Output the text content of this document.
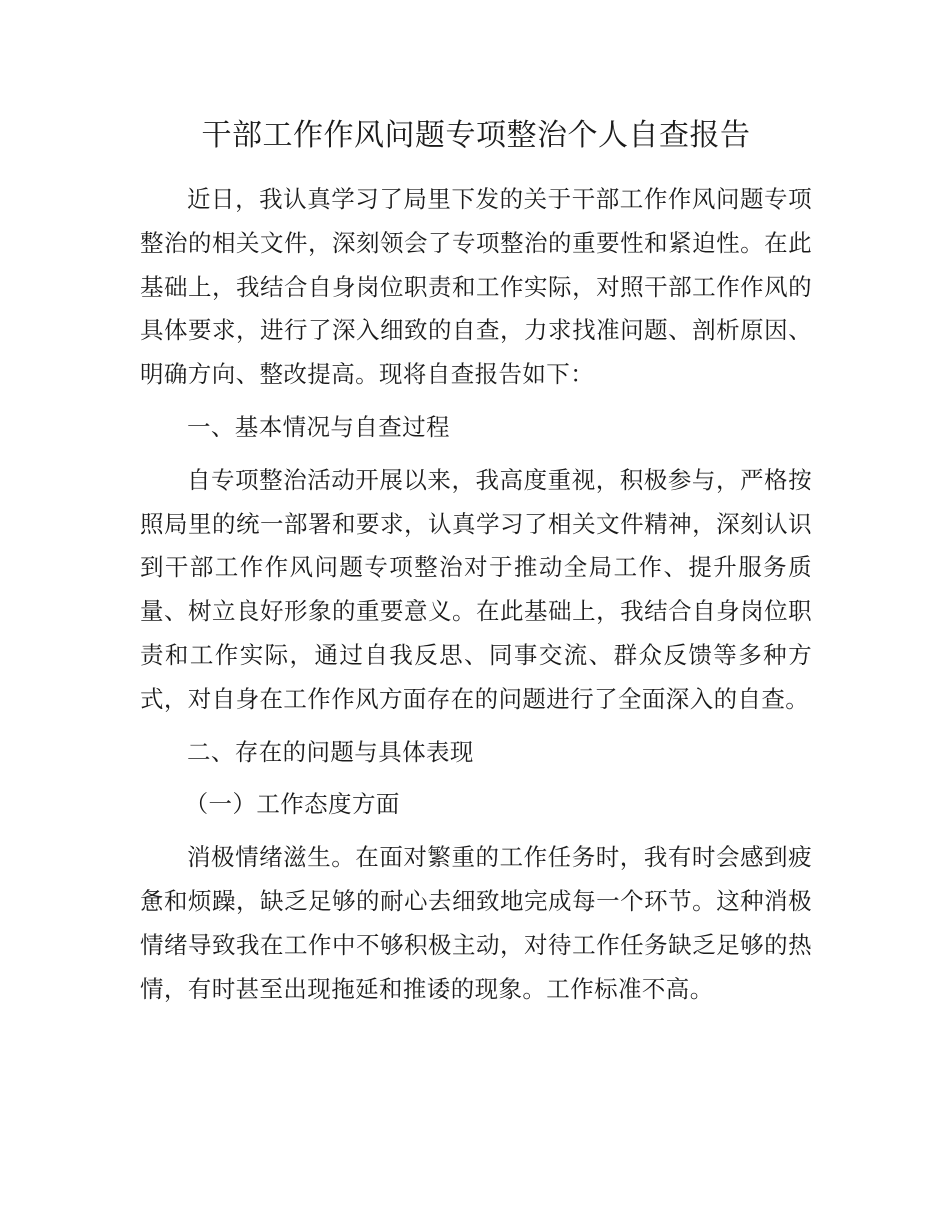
干部工作作风问题专项整治个人自查报告

近日，我认真学习了局里下发的关于干部工作作风问题专项整治的相关文件，深刻领会了专项整治的重要性和紧迫性。在此基础上，我结合自身岗位职责和工作实际，对照干部工作作风的具体要求，进行了深入细致的自查，力求找准问题、剖析原因、明确方向、整改提高。现将自查报告如下：

一、基本情况与自查过程

自专项整治活动开展以来，我高度重视，积极参与，严格按照局里的统一部署和要求，认真学习了相关文件精神，深刻认识到干部工作作风问题专项整治对于推动全局工作、提升服务质量、树立良好形象的重要意义。在此基础上，我结合自身岗位职责和工作实际，通过自我反思、同事交流、群众反馈等多种方式，对自身在工作作风方面存在的问题进行了全面深入的自查。

二、存在的问题与具体表现

（一）工作态度方面

消极情绪滋生。在面对繁重的工作任务时，我有时会感到疲惫和烦躁，缺乏足够的耐心去细致地完成每一个环节。这种消极情绪导致我在工作中不够积极主动，对待工作任务缺乏足够的热情，有时甚至出现拖延和推诿的现象。工作标准不高。
